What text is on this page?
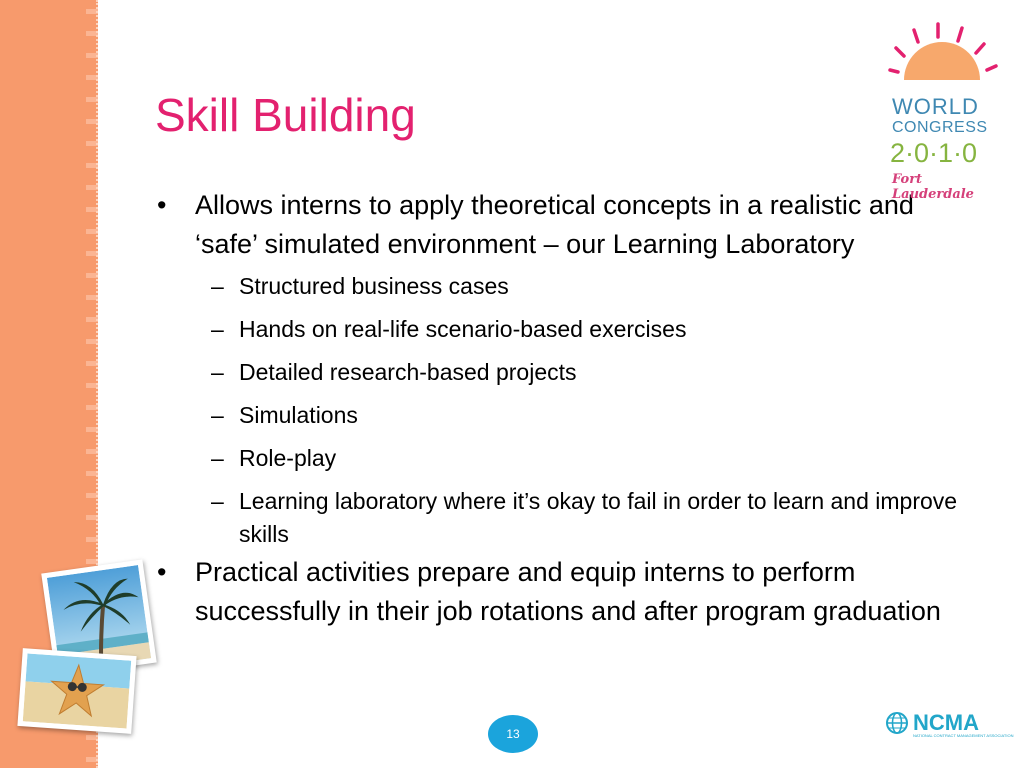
Skill Building
• Allows interns to apply theoretical concepts in a realistic and ‘safe’ simulated environment – our Learning Laboratory
– Structured business cases
– Hands on real-life scenario-based exercises
– Detailed research-based projects
– Simulations
– Role-play
– Learning laboratory where it’s okay to fail in order to learn and improve skills
• Practical activities prepare and equip interns to perform successfully in their job rotations and after program graduation
WORLD
CONGRESS
2·0·1·0
Fort Lauderdale
13	NCMA
NATIONAL CONTRACT MANAGEMENT ASSOCIATION
